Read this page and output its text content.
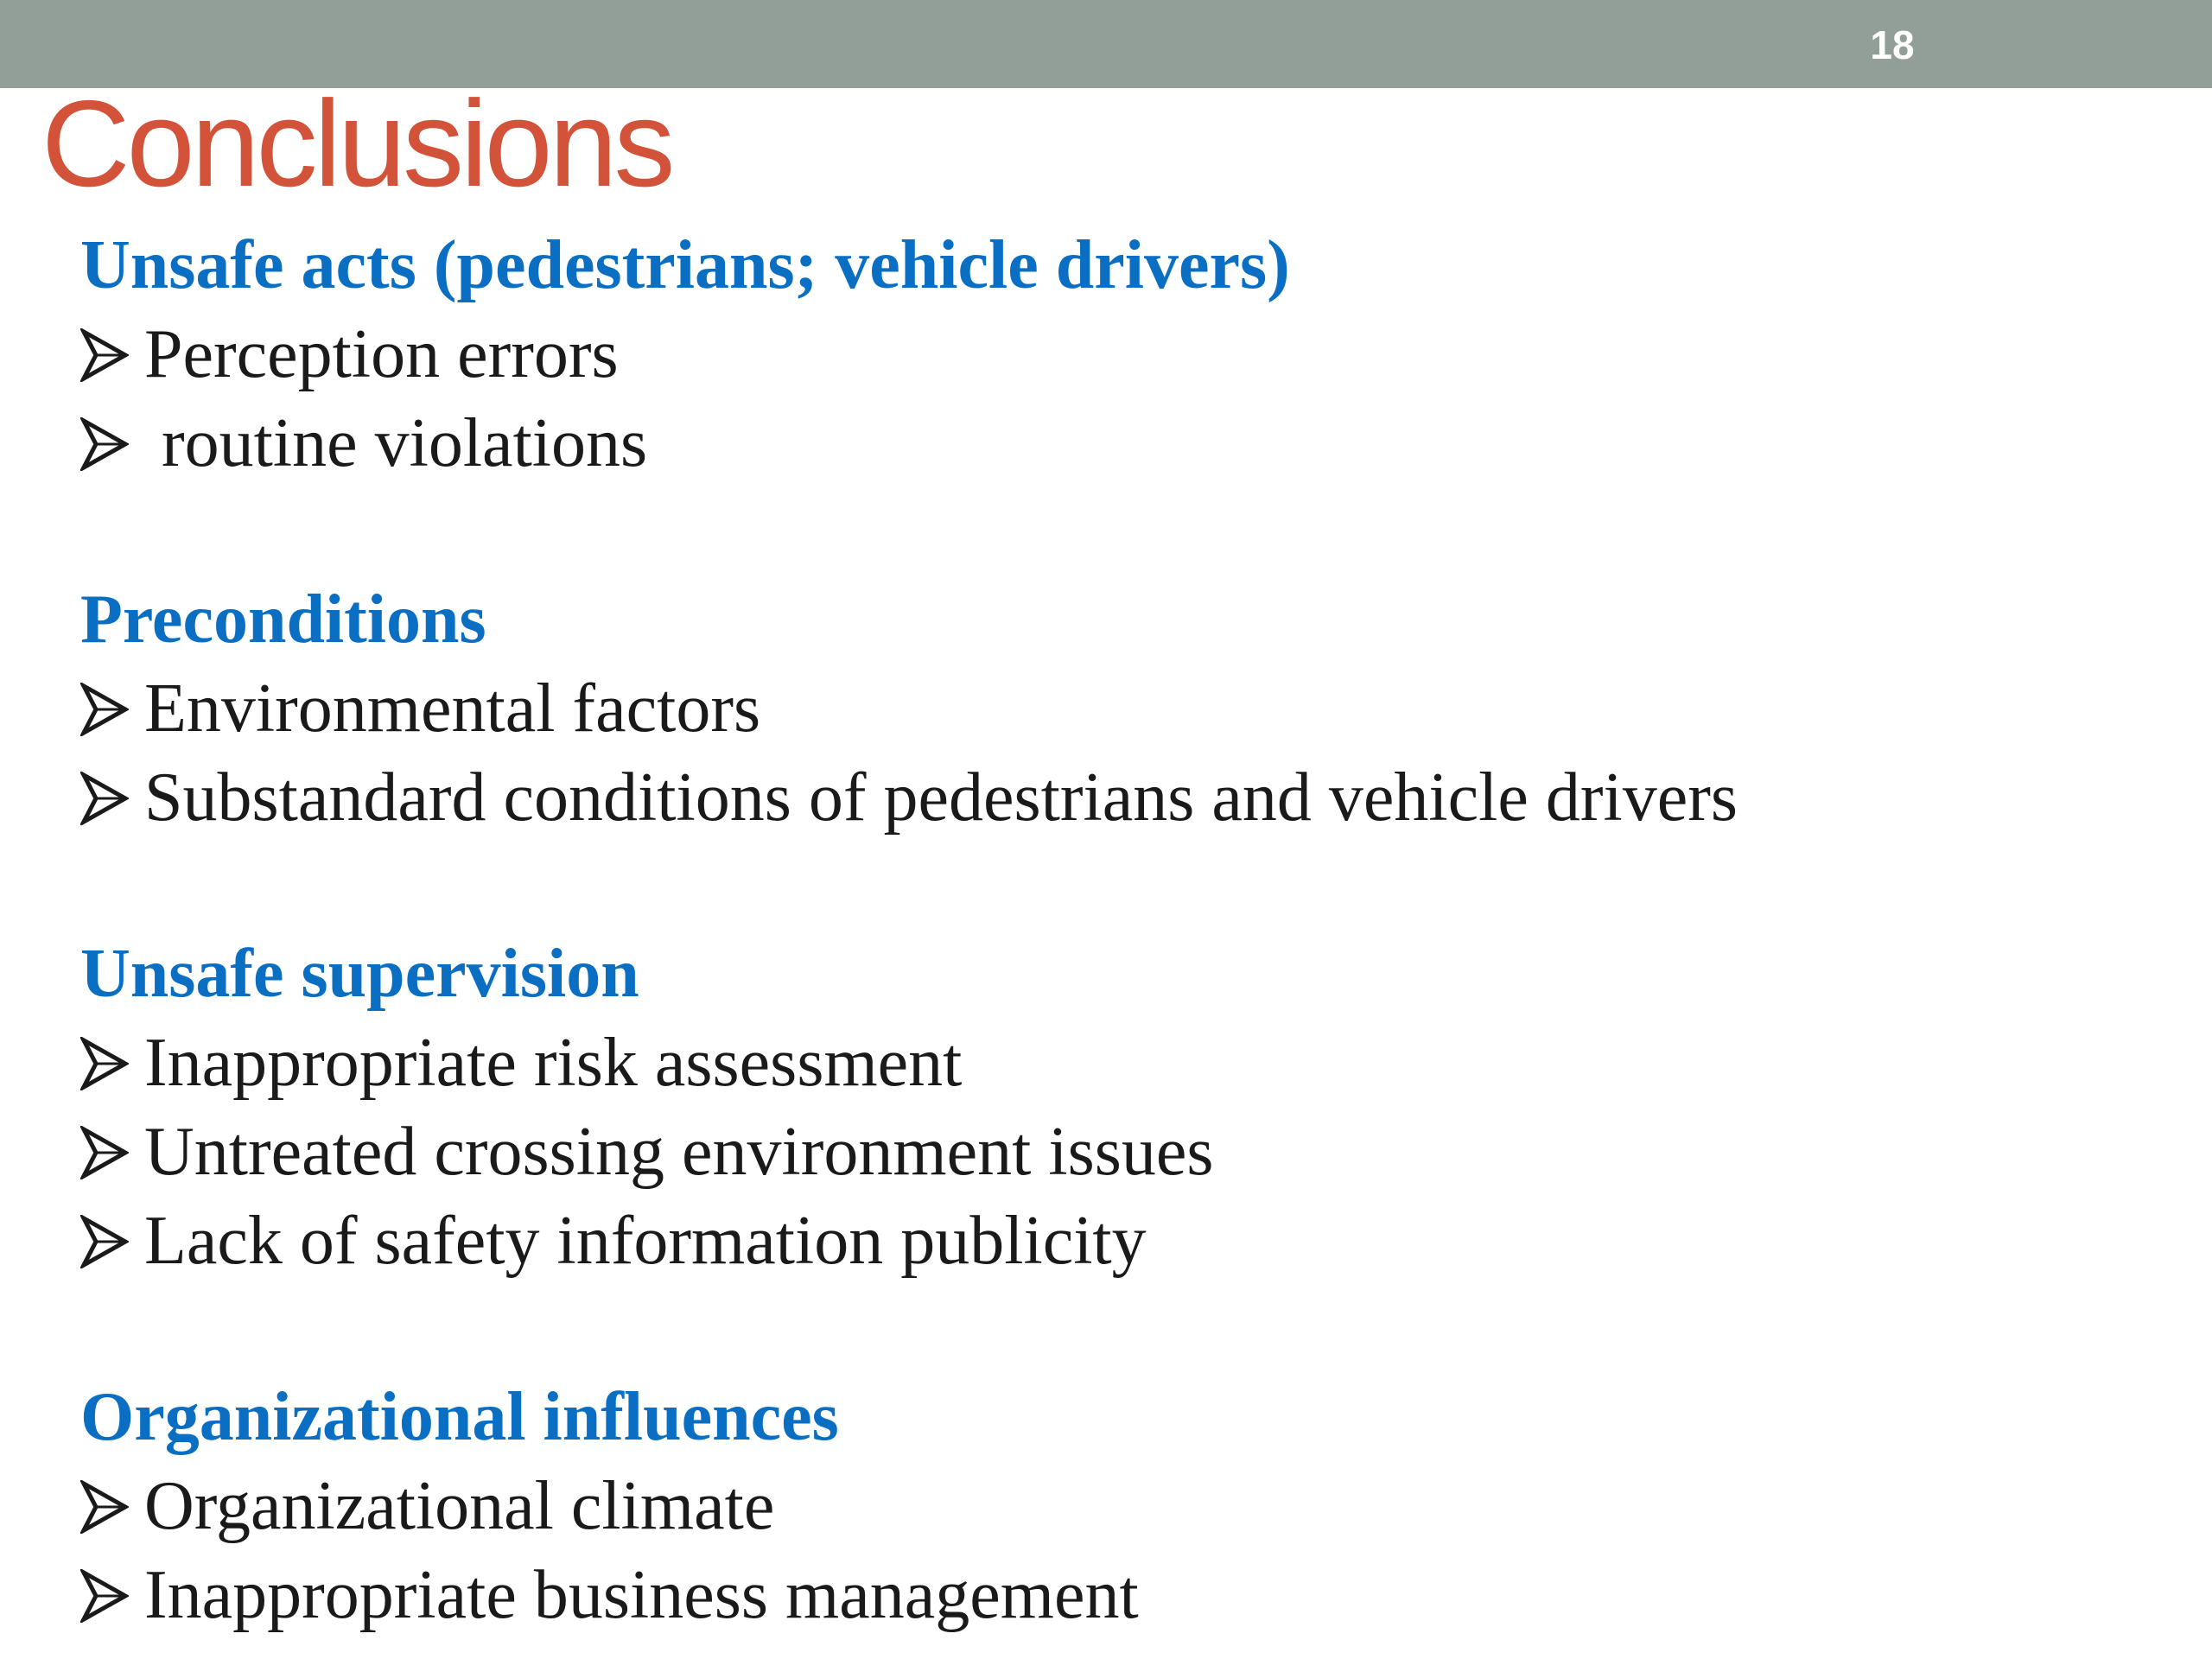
18
Conclusions
Unsafe acts (pedestrians; vehicle drivers)
Perception errors
routine violations
Preconditions
Environmental factors
Substandard conditions of pedestrians and vehicle drivers
Unsafe supervision
Inappropriate risk assessment
Untreated crossing environment issues
Lack of safety information publicity
Organizational influences
Organizational climate
Inappropriate business management
